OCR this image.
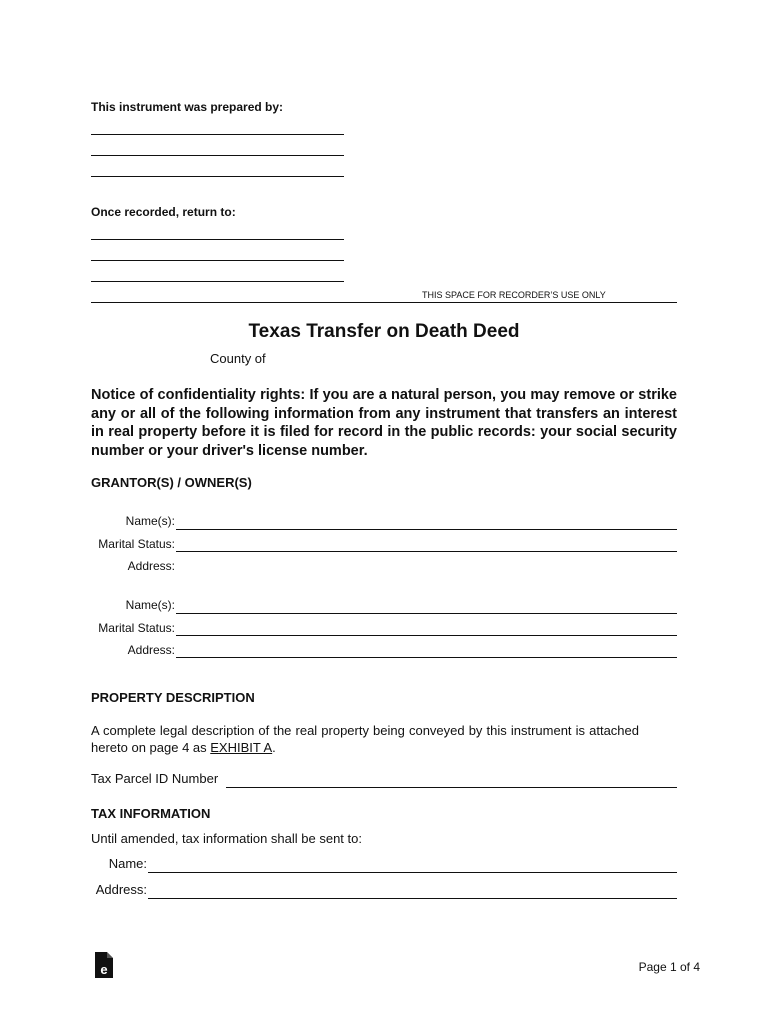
This instrument was prepared by:
Once recorded, return to:
THIS SPACE FOR RECORDER’S USE ONLY
Texas Transfer on Death Deed
County of
Notice of confidentiality rights: If you are a natural person, you may remove or strike any or all of the following information from any instrument that transfers an interest in real property before it is filed for record in the public records: your social security number or your driver's license number.
GRANTOR(S) / OWNER(S)
Name(s):
Marital Status:
Address:
Name(s):
Marital Status:
Address:
PROPERTY DESCRIPTION
A complete legal description of the real property being conveyed by this instrument is attached hereto on page 4 as EXHIBIT A.
Tax Parcel ID Number
TAX INFORMATION
Until amended, tax information shall be sent to:
Name:
Address:
e	Page 1 of 4
